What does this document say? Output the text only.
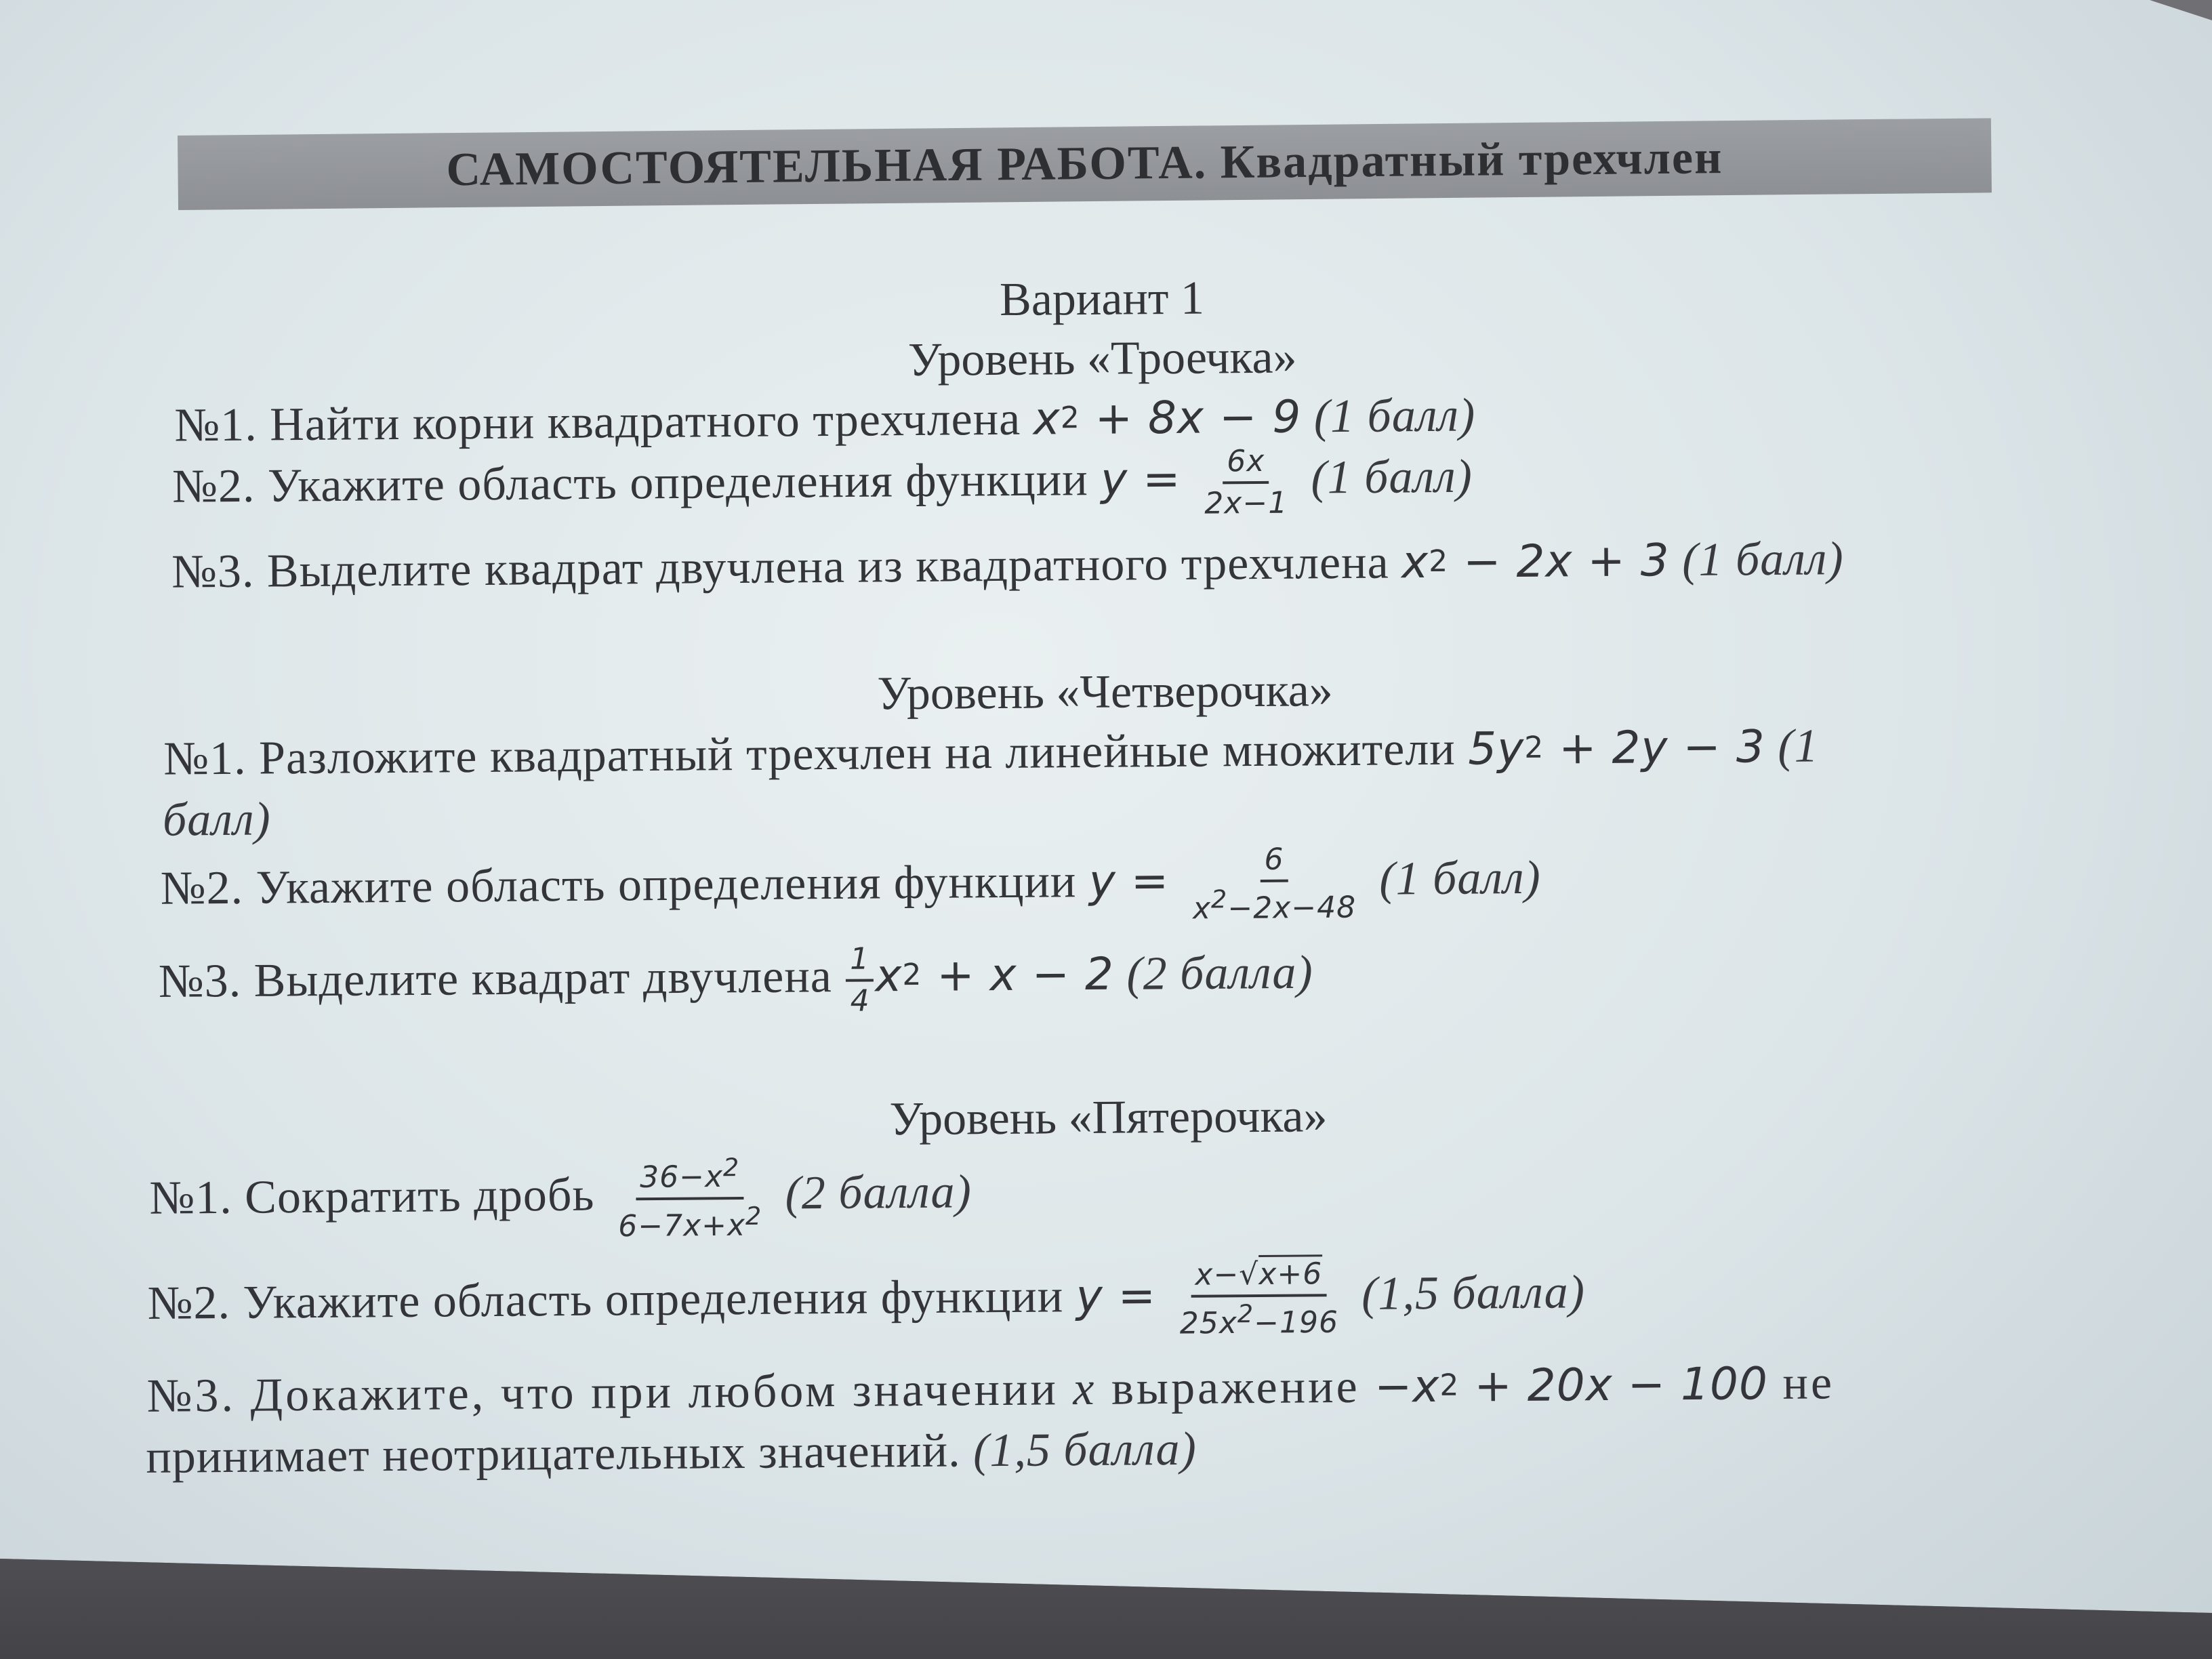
САМОСТОЯТЕЛЬНАЯ РАБОТА. Квадратный трехчлен
Вариант 1
Уровень «Троечка»
№1. Найти корни квадратного трехчлена $x^2 + 8x - 9$ (1 балл)
№2. Укажите область определения функции $y = \frac{6x}{2x-1} (1$ балл)
№3. Выделите квадрат двучлена из квадратного трехчлена $x^2 - 2x + 3$ (1 балл)
Уровень «Четверочка»
№1. Разложите квадратный трехчлен на линейные множители $5y^2 + 2y - 3$ (1
балл)
№2. Укажите область определения функции $y = \frac{6}{x^2-2x-48} (1$ балл)
№3. Выделите квадрат двучлена $\frac{1}{4} x^2 + x - 2$ (2 балла)
Уровень «Пятерочка»
№1. Сократить дробь $\frac{36-x^2}{6-7x+x^2} (2$ балла)
№2. Укажите область определения функции $y = \frac{x-√x+6}{25x^2-196} (1,5$ балла)
№3. Докажите, что при любом значении x выражение $-x^2 + 20x - 100$ не
принимает неотрицательных значений. (1,5 балла)
